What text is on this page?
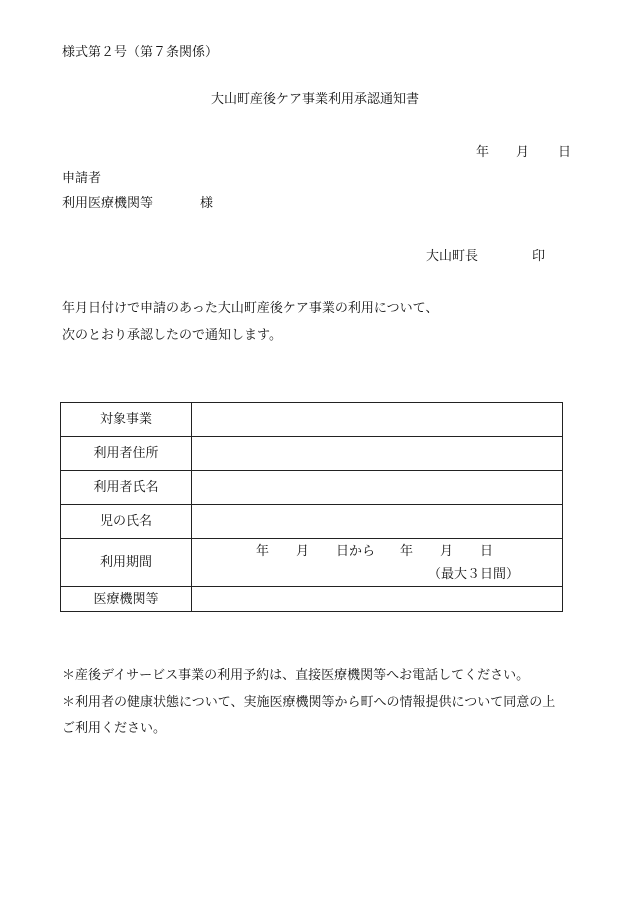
様式第２号（第７条関係）
大山町産後ケア事業利用承認通知書
年 月 日
申請者
利用医療機関等	様
大山町長	印
年月日付けで申請のあった大山町産後ケア事業の利用について、
次のとおり承認したので通知します。
対象事業	
利用者住所	
利用者氏名	
児の氏名	
利用期間	年 月 日から 年 月 日
（最大３日間）

医療機関等	
＊産後デイサービス事業の利用予約は、直接医療機関等へお電話してください。
＊利用者の健康状態について、実施医療機関等から町への情報提供について同意の上
ご利用ください。
